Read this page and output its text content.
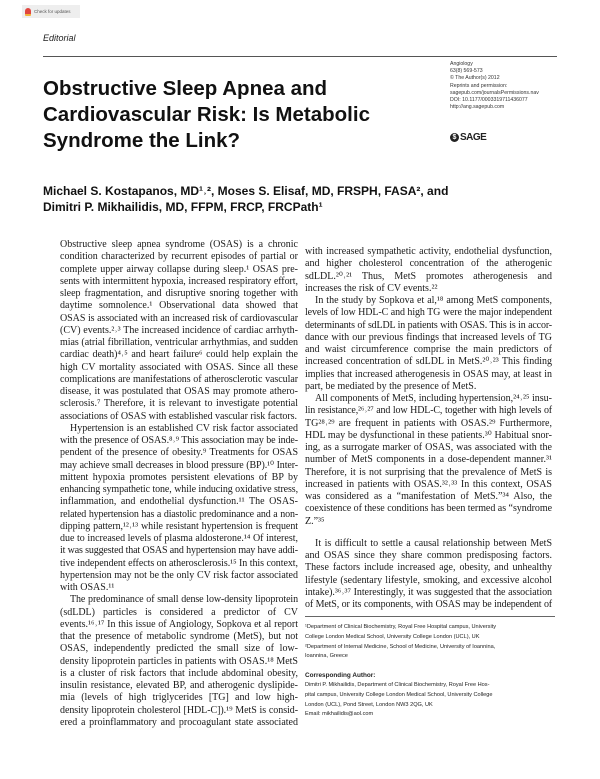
Check for updates
Editorial
Obstructive Sleep Apnea and
Cardiovascular Risk: Is Metabolic
Syndrome the Link?
Angiology
63(8) 569-573
© The Author(s) 2012
Reprints and permission:
sagepub.com/journalsPermissions.nav
DOI: 10.1177/0003319711436077
http://ang.sagepub.com
$ SAGE
Michael S. Kostapanos, MD¹˒², Moses S. Elisaf, MD, FRSPH, FASA², and
Dimitri P. Mikhailidis, MD, FFPM, FRCP, FRCPath¹
Obstructive sleep apnea syndrome (OSAS) is a chronic
condition characterized by recurrent episodes of partial or
complete upper airway collapse during sleep.¹ OSAS pre-
sents with intermittent hypoxia, increased respiratory effort,
sleep fragmentation, and disruptive snoring together with
daytime somnolence.¹ Observational data showed that
OSAS is associated with an increased risk of cardiovascular
(CV) events.²˒³ The increased incidence of cardiac arrhyth-
mias (atrial fibrillation, ventricular arrhythmias, and sudden
cardiac death)⁴˒⁵ and heart failure⁶ could help explain the
high CV mortality associated with OSAS. Since all these
complications are manifestations of atherosclerotic vascular
disease, it was postulated that OSAS may promote athero-
sclerosis.⁷ Therefore, it is relevant to investigate potential
associations of OSAS with established vascular risk factors.
Hypertension is an established CV risk factor associated
with the presence of OSAS.⁸˒⁹ This association may be inde-
pendent of the presence of obesity.⁹ Treatments for OSAS
may achieve small decreases in blood pressure (BP).¹⁰ Inter-
mittent hypoxia promotes persistent elevations of BP by
enhancing sympathetic tone, while inducing oxidative stress,
inflammation, and endothelial dysfunction.¹¹ The OSAS-
related hypertension has a diastolic predominance and a non-
dipping pattern,¹²˒¹³ while resistant hypertension is frequent
due to increased levels of plasma aldosterone.¹⁴ Of interest,
it was suggested that OSAS and hypertension may have addi-
tive independent effects on atherosclerosis.¹⁵ In this context,
hypertension may not be the only CV risk factor associated
with OSAS.¹¹
The predominance of small dense low-density lipoprotein
(sdLDL) particles is considered a predictor of CV
events.¹⁶˒¹⁷ In this issue of Angiology, Sopkova et al report
that the presence of metabolic syndrome (MetS), but not
OSAS, independently predicted the small size of low-
density lipoprotein particles in patients with OSAS.¹⁸ MetS
is a cluster of risk factors that include abdominal obesity,
insulin resistance, elevated BP, and atherogenic dyslipide-
mia (levels of high triglycerides [TG] and low high-
density lipoprotein cholesterol [HDL-C]).¹⁹ MetS is consid-
ered a proinflammatory and procoagulant state associated
with increased sympathetic activity, endothelial dysfunction,
and higher cholesterol concentration of the atherogenic
sdLDL.²⁰˒²¹ Thus, MetS promotes atherogenesis and
increases the risk of CV events.²²
In the study by Sopkova et al,¹⁸ among MetS components,
levels of low HDL-C and high TG were the major independent
determinants of sdLDL in patients with OSAS. This is in accor-
dance with our previous findings that increased levels of TG
and waist circumference comprise the main predictors of
increased concentration of sdLDL in MetS.²⁰˒²³ This finding
implies that increased atherogenesis in OSAS may, at least in
part, be mediated by the presence of MetS.
All components of MetS, including hypertension,²⁴˒²⁵ insu-
lin resistance,²⁶˒²⁷ and low HDL-C, together with high levels of
TG²⁸˒²⁹ are frequent in patients with OSAS.²⁹ Furthermore,
HDL may be dysfunctional in these patients.³⁰ Habitual snor-
ing, as a surrogate marker of OSAS, was associated with the
number of MetS components in a dose-dependent manner.³¹
Therefore, it is not surprising that the prevalence of MetS is
increased in patients with OSAS.³²˒³³ In this context, OSAS
was considered as a “manifestation of MetS.”³⁴ Also, the
coexistence of these conditions has been termed as “syndrome
Z.”³⁵
It is difficult to settle a causal relationship between MetS
and OSAS since they share common predisposing factors.
These factors include increased age, obesity, and unhealthy
lifestyle (sedentary lifestyle, smoking, and excessive alcohol
intake).³⁶˒³⁷ Interestingly, it was suggested that the association
of MetS, or its components, with OSAS may be independent of
¹Department of Clinical Biochemistry, Royal Free Hospital campus, University
College London Medical School, University College London (UCL), UK
²Department of Internal Medicine, School of Medicine, University of Ioannina,
Ioannina, Greece
Corresponding Author:
Dimitri P. Mikhailidis, Department of Clinical Biochemistry, Royal Free Hos-
pital campus, University College London Medical School, University College
London (UCL), Pond Street, London NW3 2QG, UK
Email: mikhailidis@aol.com
